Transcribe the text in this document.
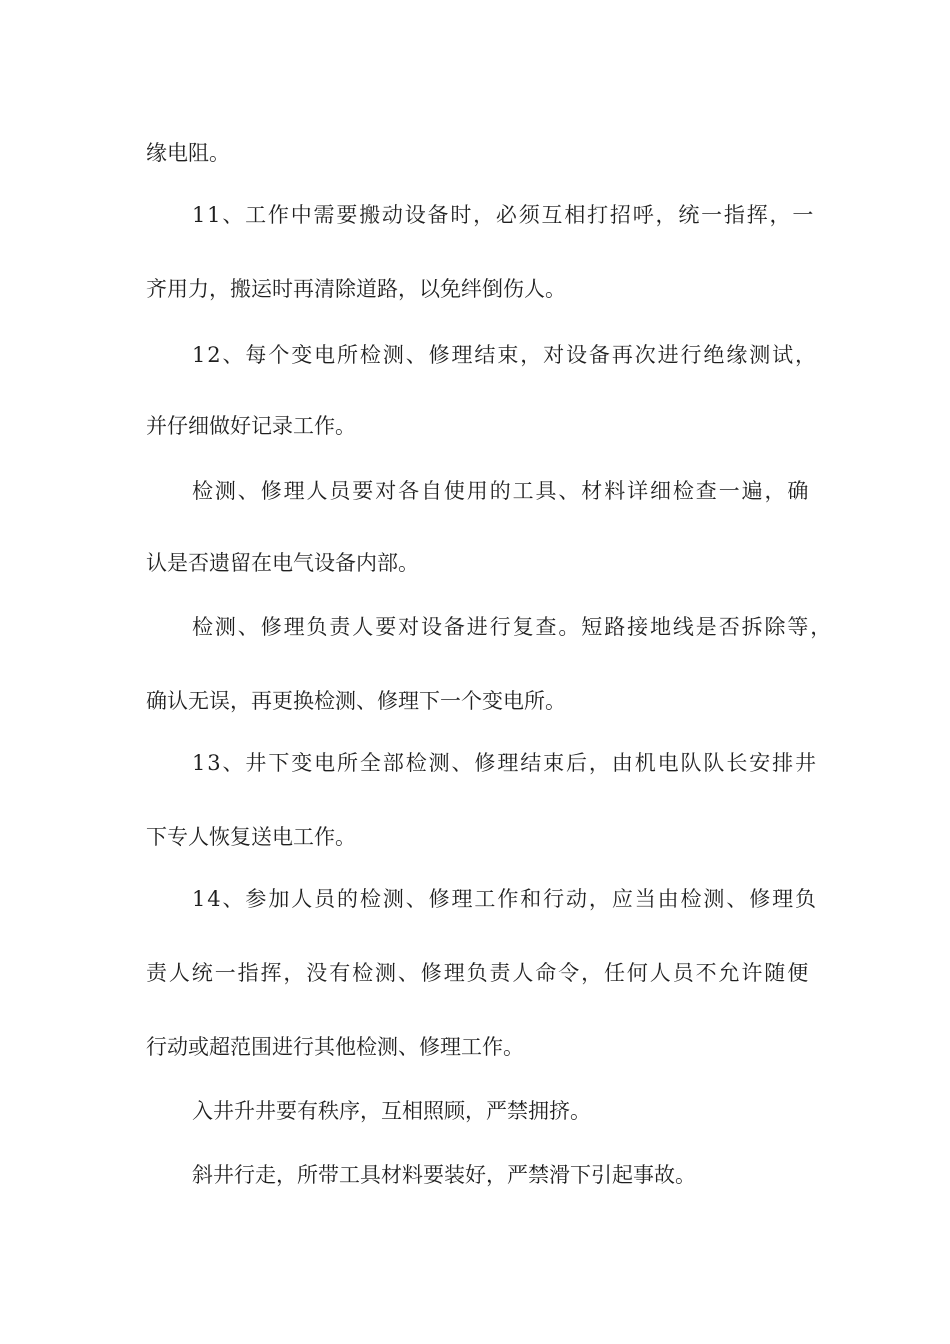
缘电阻。
11、工作中需要搬动设备时，必须互相打招呼，统一指挥，一
齐用力，搬运时再清除道路，以免绊倒伤人。
12、每个变电所检测、修理结束，对设备再次进行绝缘测试，
并仔细做好记录工作。
检测、修理人员要对各自使用的工具、材料详细检查一遍，确
认是否遗留在电气设备内部。
检测、修理负责人要对设备进行复查。短路接地线是否拆除等，
确认无误，再更换检测、修理下一个变电所。
13、井下变电所全部检测、修理结束后，由机电队队长安排井
下专人恢复送电工作。
14、参加人员的检测、修理工作和行动，应当由检测、修理负
责人统一指挥，没有检测、修理负责人命令，任何人员不允许随便
行动或超范围进行其他检测、修理工作。
入井升井要有秩序，互相照顾，严禁拥挤。
斜井行走，所带工具材料要装好，严禁滑下引起事故。
